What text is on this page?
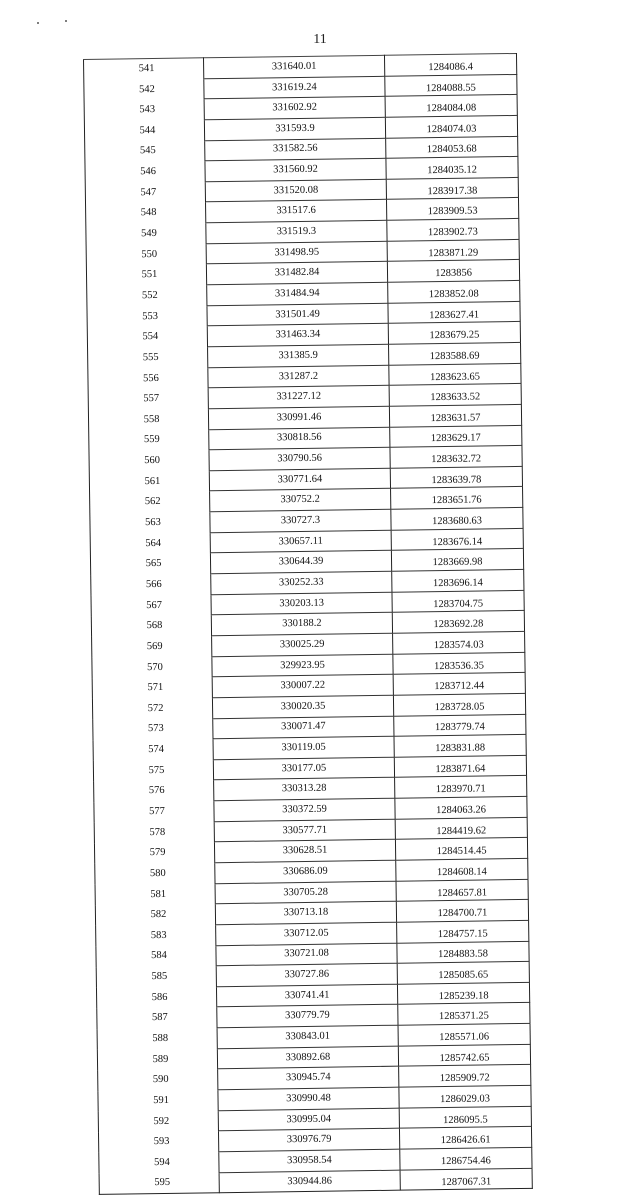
11
541	331640.01	1284086.4
542	331619.24	1284088.55
543	331602.92	1284084.08
544	331593.9	1284074.03
545	331582.56	1284053.68
546	331560.92	1284035.12
547	331520.08	1283917.38
548	331517.6	1283909.53
549	331519.3	1283902.73
550	331498.95	1283871.29
551	331482.84	1283856
552	331484.94	1283852.08
553	331501.49	1283627.41
554	331463.34	1283679.25
555	331385.9	1283588.69
556	331287.2	1283623.65
557	331227.12	1283633.52
558	330991.46	1283631.57
559	330818.56	1283629.17
560	330790.56	1283632.72
561	330771.64	1283639.78
562	330752.2	1283651.76
563	330727.3	1283680.63
564	330657.11	1283676.14
565	330644.39	1283669.98
566	330252.33	1283696.14
567	330203.13	1283704.75
568	330188.2	1283692.28
569	330025.29	1283574.03
570	329923.95	1283536.35
571	330007.22	1283712.44
572	330020.35	1283728.05
573	330071.47	1283779.74
574	330119.05	1283831.88
575	330177.05	1283871.64
576	330313.28	1283970.71
577	330372.59	1284063.26
578	330577.71	1284419.62
579	330628.51	1284514.45
580	330686.09	1284608.14
581	330705.28	1284657.81
582	330713.18	1284700.71
583	330712.05	1284757.15
584	330721.08	1284883.58
585	330727.86	1285085.65
586	330741.41	1285239.18
587	330779.79	1285371.25
588	330843.01	1285571.06
589	330892.68	1285742.65
590	330945.74	1285909.72
591	330990.48	1286029.03
592	330995.04	1286095.5
593	330976.79	1286426.61
594	330958.54	1286754.46
595	330944.86	1287067.31
